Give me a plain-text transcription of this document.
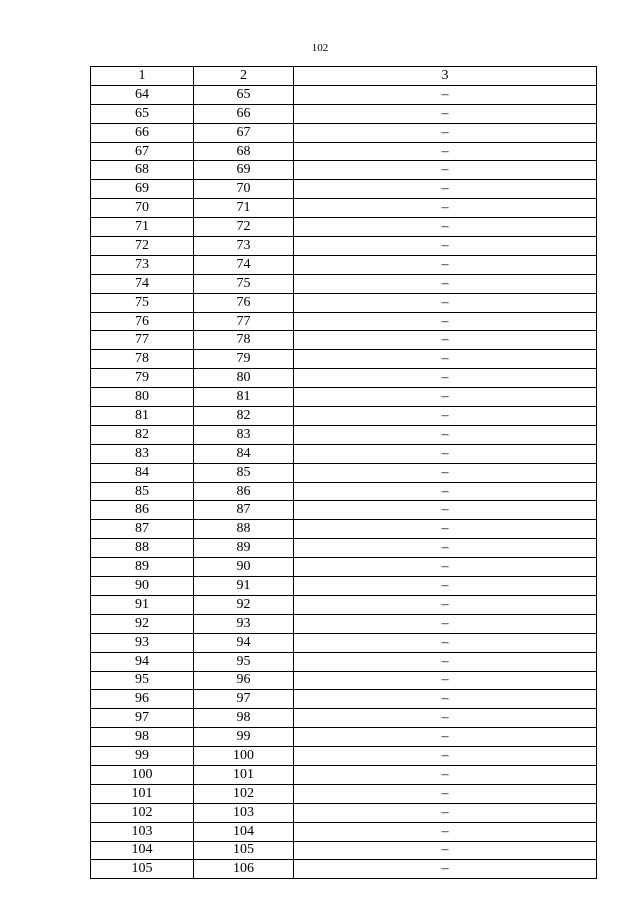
102
1	2	3
64	65	–
65	66	–
66	67	–
67	68	–
68	69	–
69	70	–
70	71	–
71	72	–
72	73	–
73	74	–
74	75	–
75	76	–
76	77	–
77	78	–
78	79	–
79	80	–
80	81	–
81	82	–
82	83	–
83	84	–
84	85	–
85	86	–
86	87	–
87	88	–
88	89	–
89	90	–
90	91	–
91	92	–
92	93	–
93	94	–
94	95	–
95	96	–
96	97	–
97	98	–
98	99	–
99	100	–
100	101	–
101	102	–
102	103	–
103	104	–
104	105	–
105	106	–
